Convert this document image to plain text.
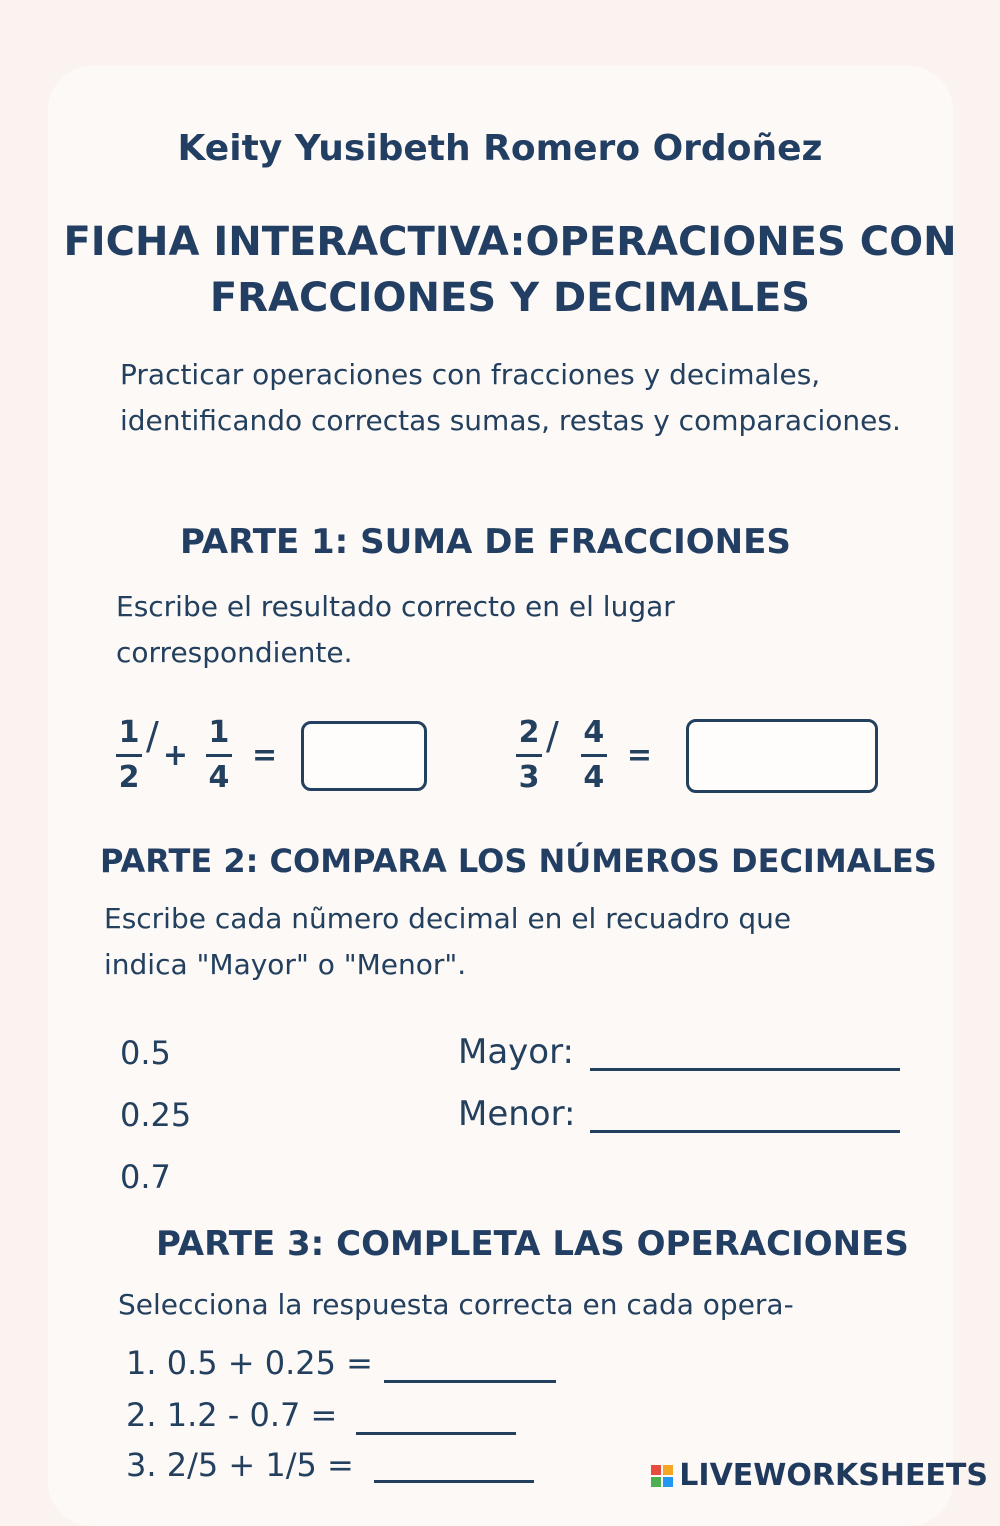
Keity Yusibeth Romero Ordoñez
FICHA INTERACTIVA:OPERACIONES CON FRACCIONES Y DECIMALES
Practicar operaciones con fracciones y decimales, identificando correctas sumas, restas y comparaciones.
PARTE 1: SUMA DE FRACCIONES
Escribe el resultado correcto en el lugar correspondiente.
$\frac{1}{2}$ / + $\frac{1}{4}$ =	$\frac{2}{3} / \frac{4}{4}$ =
PARTE 2: COMPARA LOS NÚMEROS DECIMALES
Escribe cada nũmero decimal en el recuadro que indica "Mayor" o "Menor".
0.5
0.25
0.7
Mayor:
Menor:
PARTE 3: COMPLETA LAS OPERACIONES
Selecciona la respuesta correcta en cada opera-
1. 0.5 + 0.25 =
2. 1.2 - 0.7 =
3. 2/5 + 1/5 =	LIVEWORKSHEETS
